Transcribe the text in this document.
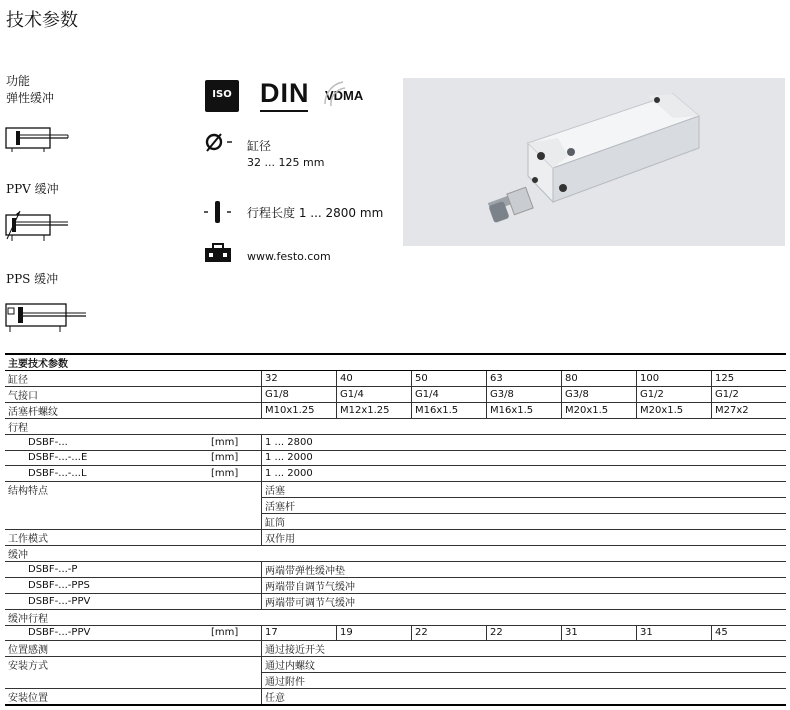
技术参数
功能
弹性缓冲
PPV 缓冲
PPS 缓冲
ISO DIN VDMA
缸径
32 ... 125 mm
行程长度 1 ... 2800 mm
www.festo.com
主要技术参数							
缸径	32	40	50	63	80	100	125
气接口	G1/8	G1/4	G1/4	G3/8	G3/8	G1/2	G1/2
活塞杆螺纹	M10x1.25	M12x1.25	M16x1.5	M16x1.5	M20x1.5	M20x1.5	M27x2
行程							
DSBF-... [mm]	1 ... 2800						
DSBF-...-...E [mm]	1 ... 2000						
DSBF-...-...L [mm]	1 ... 2000						
结构特点	活塞						
	活塞杆						
	缸筒						
工作模式	双作用						
缓冲							
DSBF-...-P	两端带弹性缓冲垫						
DSBF-...-PPS	两端带自调节气缓冲						
DSBF-...-PPV	两端带可调节气缓冲						
缓冲行程							
DSBF-...-PPV [mm]	17	19	22	22	31	31	45
位置感测	通过接近开关						
安装方式	通过内螺纹						
	通过附件						
安装位置	任意						
